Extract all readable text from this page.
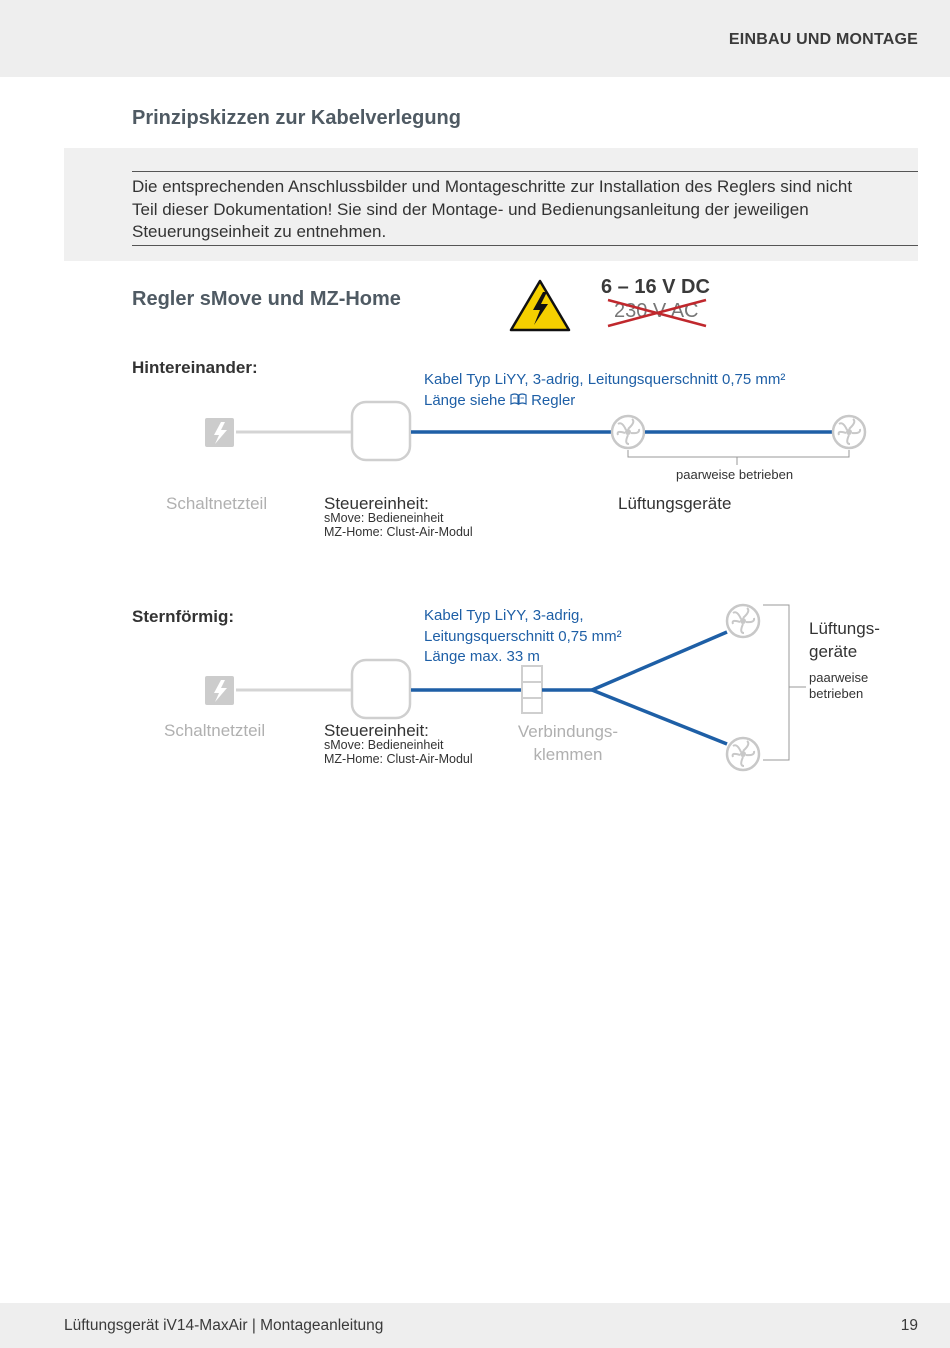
EINBAU UND MONTAGE
Prinzipskizzen zur Kabelverlegung
Die entsprechenden Anschlussbilder und Montageschritte zur Installation des Reglers sind nicht
Teil dieser Dokumentation! Sie sind der Montage- und Bedienungsanleitung der jeweiligen
Steuerungseinheit zu entnehmen.
Regler sMove und MZ-Home
6 – 16 V DC
230 V AC
Hintereinander:
Kabel Typ LiYY, 3-adrig, Leitungsquerschnitt 0,75 mm²
Länge siehe Regler
Schaltnetzteil	Steuereinheit:
sMove: Bedieneinheit
MZ-Home: Clust-Air-Modul
Lüftungsgeräte
paarweise betrieben
Sternförmig:	Kabel Typ LiYY, 3-adrig,
Leitungsquerschnitt 0,75 mm²
Länge max. 33 m
Schaltnetzteil	Steuereinheit:
sMove: Bedieneinheit
MZ-Home: Clust-Air-Modul
Verbindungs-
klemmen
Lüftungs-
geräte
paarweise
betrieben
Lüftungsgerät iV14-MaxAir | Montageanleitung	19
